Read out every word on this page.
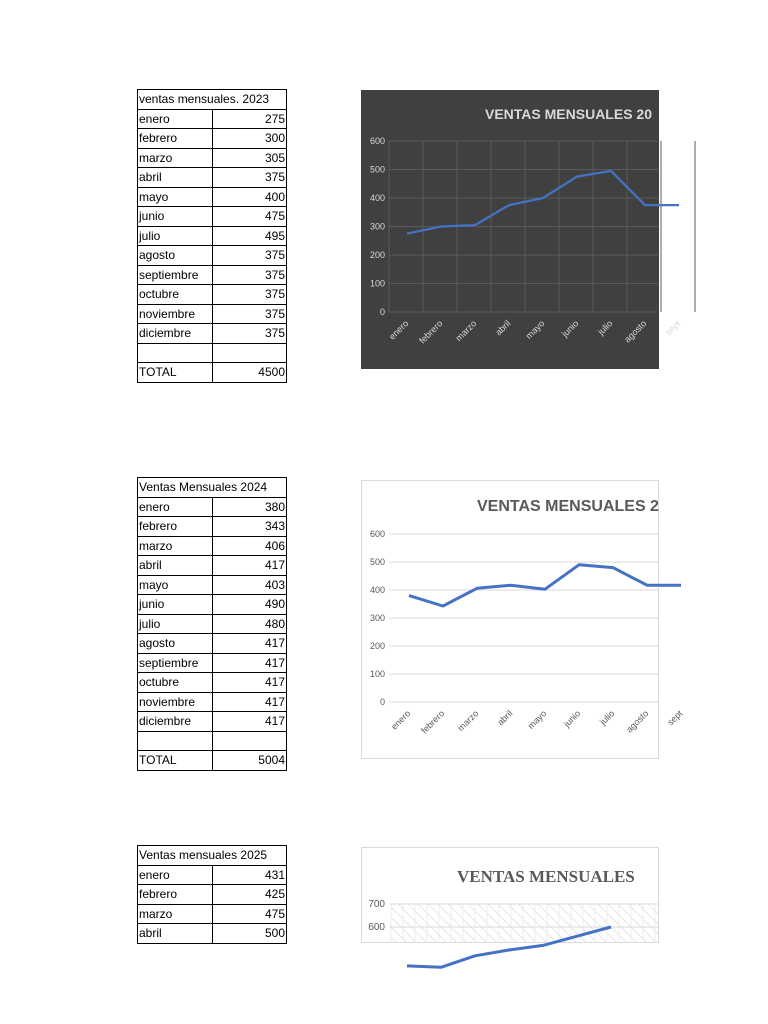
ventas mensuales. 2023	
enero	275
febrero	300
marzo	305
abril	375
mayo	400
junio	475
julio	495
agosto	375
septiembre	375
octubre	375
noviembre	375
diciembre	375

TOTAL	4500
Ventas Mensuales 2024	
enero	380
febrero	343
marzo	406
abril	417
mayo	403
junio	490
julio	480
agosto	417
septiembre	417
octubre	417
noviembre	417
diciembre	417

TOTAL	5004
Ventas mensuales 2025	
enero	431
febrero	425
marzo	475
abril	500
VENTAS MENSUALES 20
0
100
200
300
400
500
600
enero febrero marzo abril mayo junio julio agosto sept
VENTAS MENSUALES 2
0
100
200
300
400
500
600
enero febrero marzo abril mayo junio julio agosto sept
VENTAS MENSUALES
600
700
